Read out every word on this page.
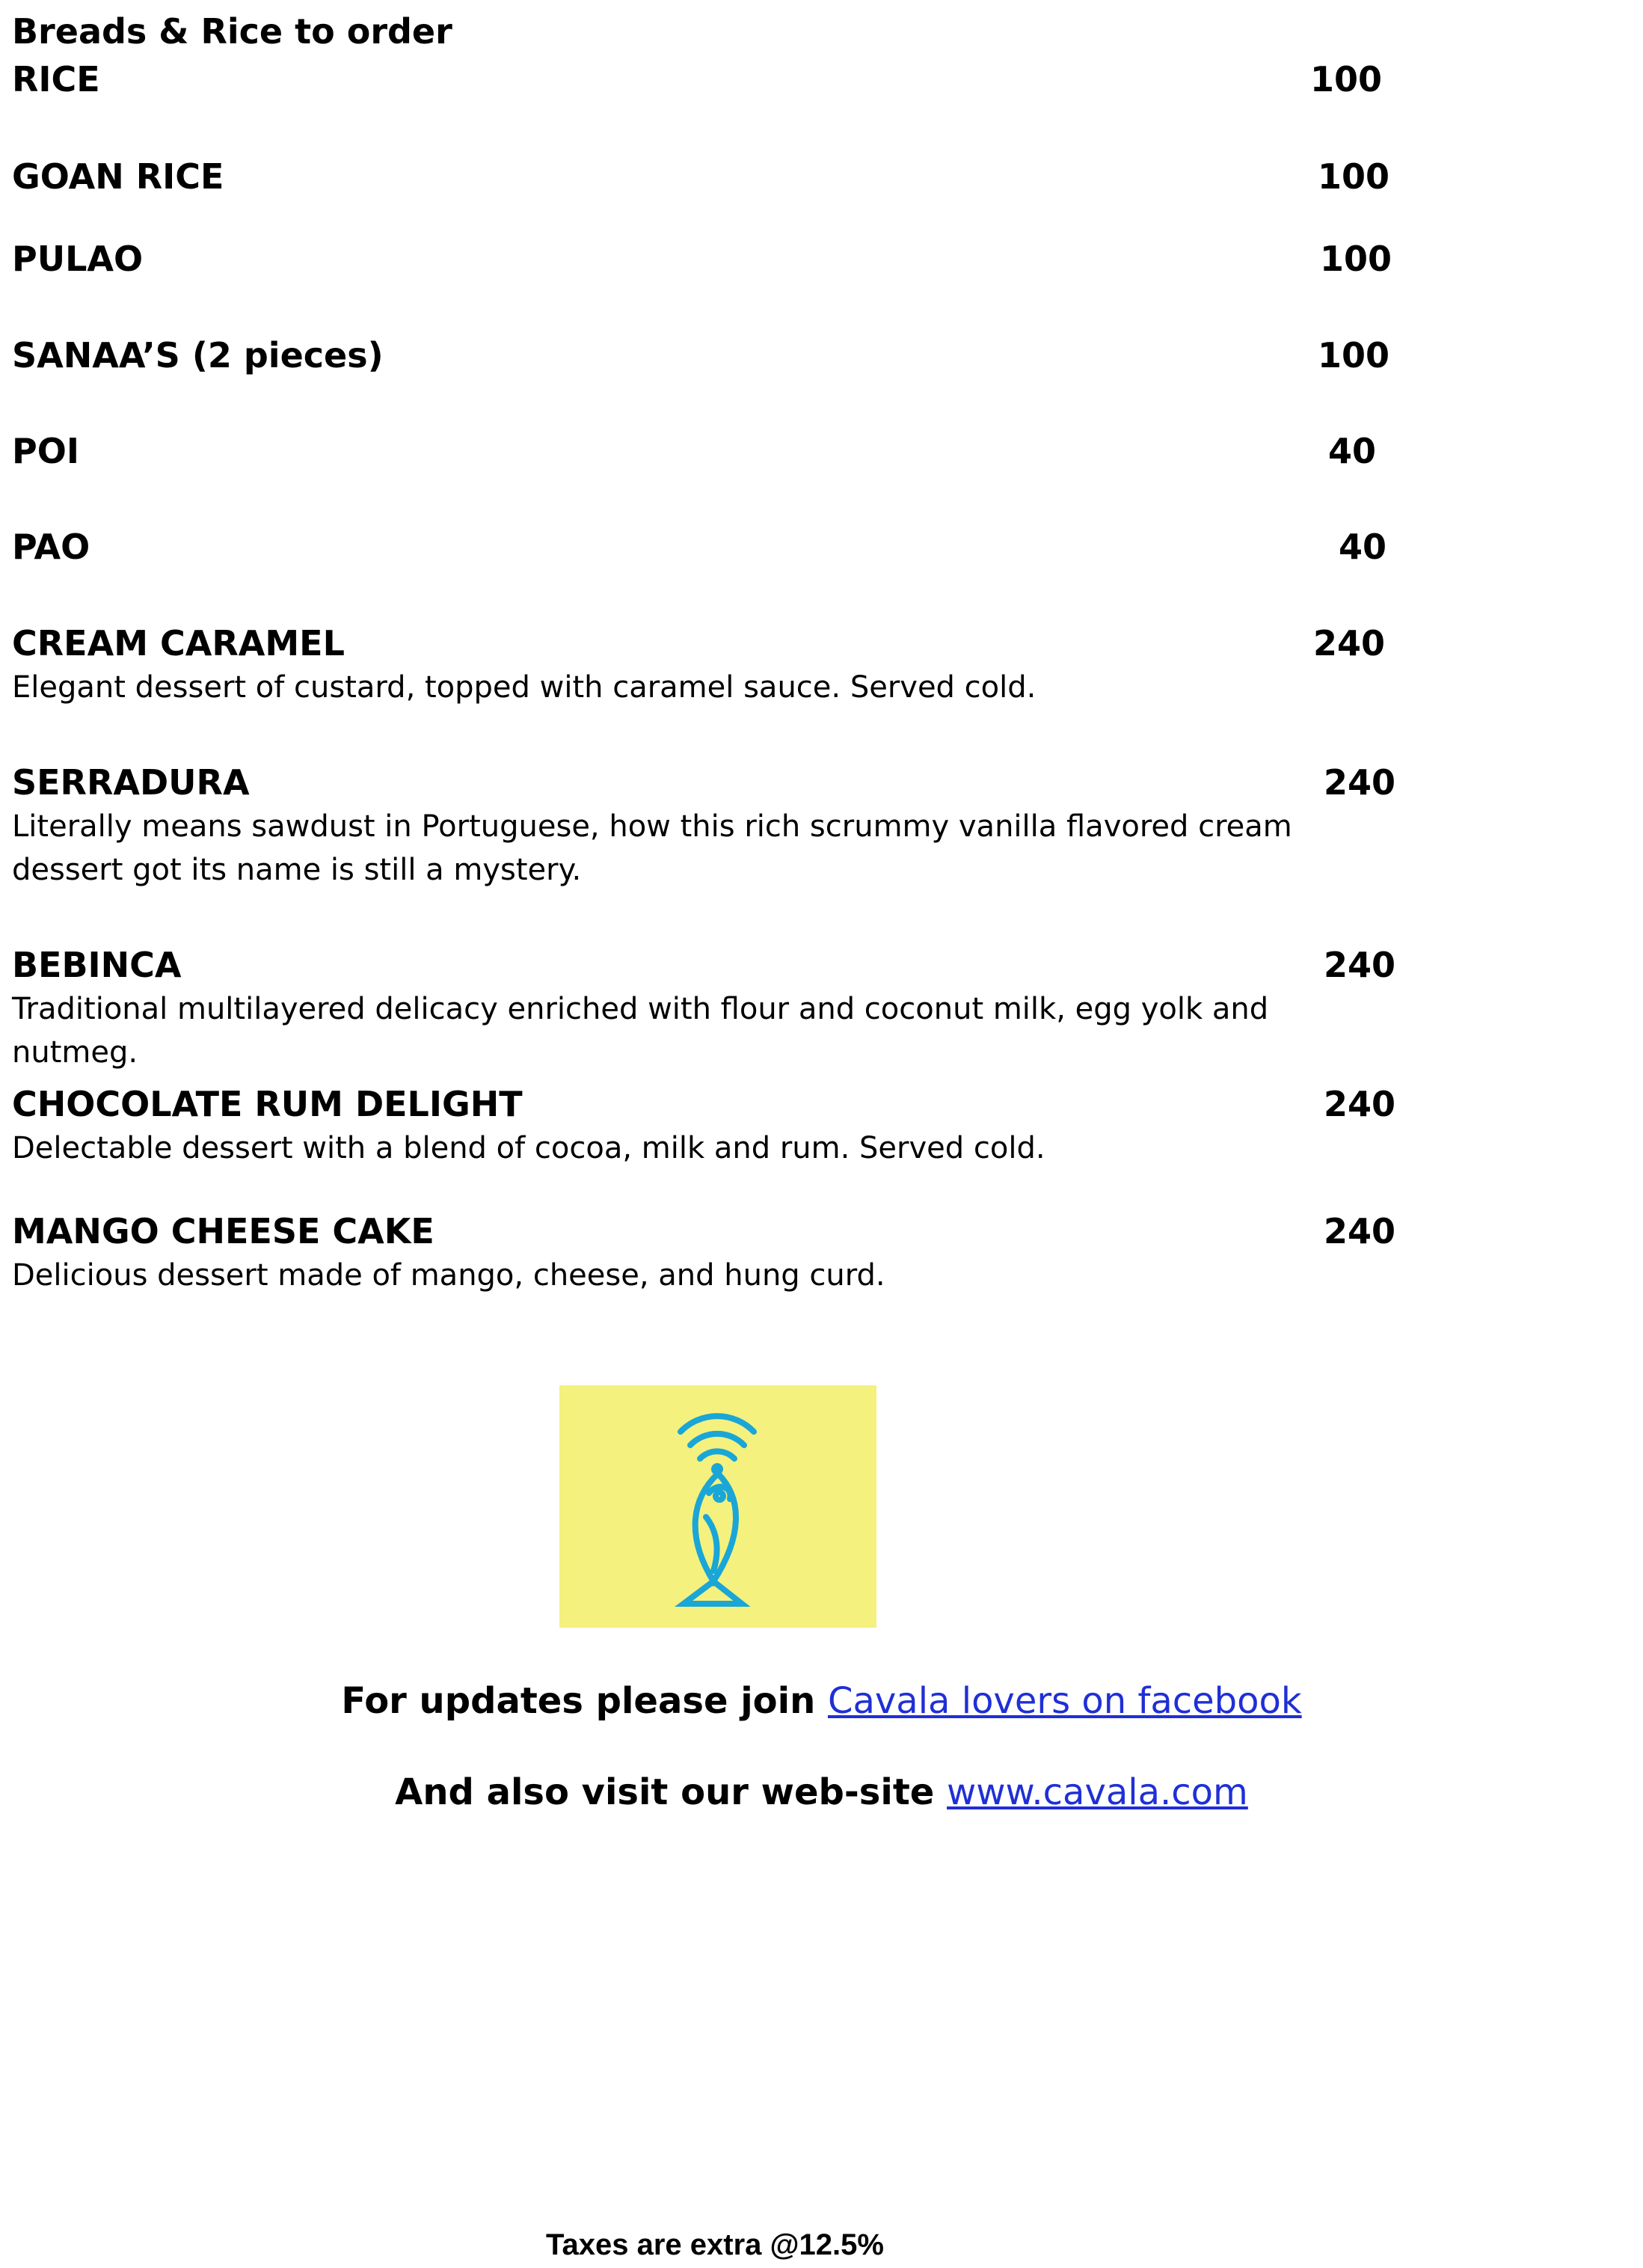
Breads & Rice to order
RICE	100
GOAN RICE	100
PULAO	100
SANAA’S (2 pieces)	100
POI	40
PAO	40
CREAM CARAMEL	240
Elegant dessert of custard, topped with caramel sauce. Served cold.
SERRADURA	240
Literally means sawdust in Portuguese, how this rich scrummy vanilla flavored cream dessert got its name is still a mystery.
BEBINCA	240
Traditional multilayered delicacy enriched with flour and coconut milk, egg yolk and nutmeg.
CHOCOLATE RUM DELIGHT	240
Delectable dessert with a blend of cocoa, milk and rum. Served cold.
MANGO CHEESE CAKE	240
Delicious dessert made of mango, cheese, and hung curd.
For updates please join Cavala lovers on facebook
And also visit our web-site www.cavala.com
Taxes are extra @12.5%
